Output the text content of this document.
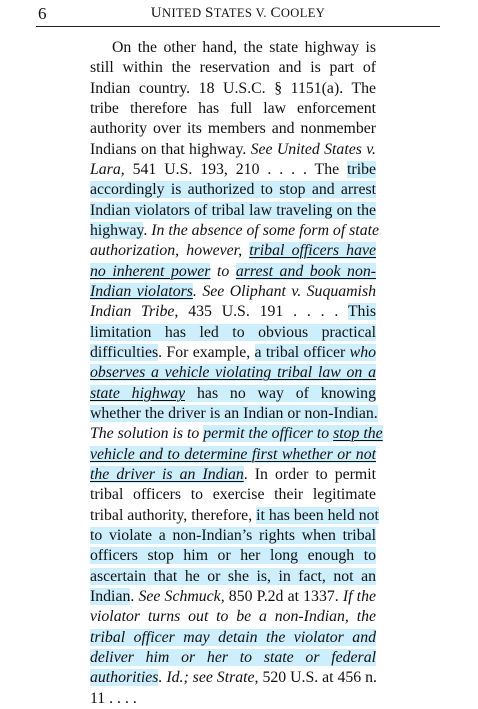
6	UNITED STATES V. COOLEY
On the other hand, the state highway is
still within the reservation and is part of
Indian country. 18 U.S.C. § 1151(a). The
tribe therefore has full law enforcement
authority over its members and nonmember
Indians on that highway. See United States v.
Lara, 541 U.S. 193, 210 . . . . The tribe
accordingly is authorized to stop and arrest
Indian violators of tribal law traveling on the
highway. In the absence of some form of state
authorization, however, tribal officers have
no inherent power to arrest and book non-
Indian violators. See Oliphant v. Suquamish
Indian Tribe, 435 U.S. 191 . . . . This
limitation has led to obvious practical
difficulties. For example, a tribal officer who
observes a vehicle violating tribal law on a
state highway has no way of knowing
whether the driver is an Indian or non-Indian.
The solution is to permit the officer to stop the
vehicle and to determine first whether or not
the driver is an Indian. In order to permit
tribal officers to exercise their legitimate
tribal authority, therefore, it has been held not
to violate a non-Indian’s rights when tribal
officers stop him or her long enough to
ascertain that he or she is, in fact, not an
Indian. See Schmuck, 850 P.2d at 1337. If the
violator turns out to be a non-Indian, the
tribal officer may detain the violator and
deliver him or her to state or federal
authorities. Id.; see Strate, 520 U.S. at 456 n.
11 . . . .
